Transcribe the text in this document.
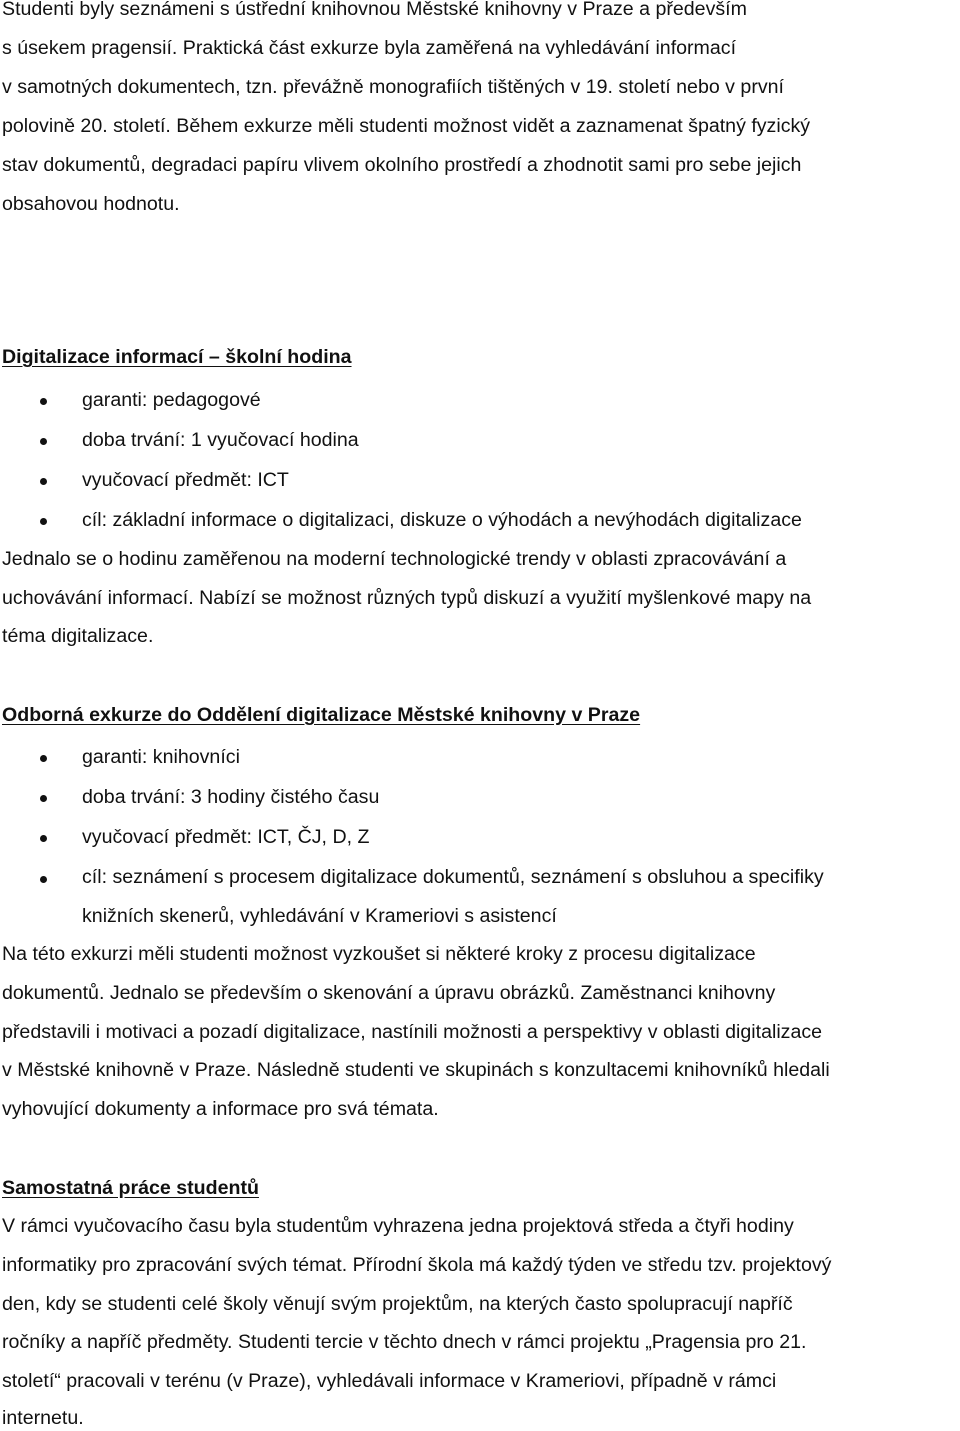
Studenti byly seznámeni s ústřední knihovnou Městské knihovny v Praze a především
s úsekem pragensií. Praktická část exkurze byla zaměřená na vyhledávání informací
v samotných dokumentech, tzn. převážně monografiích tištěných v 19. století nebo v první
polovině 20. století. Během exkurze měli studenti možnost vidět a zaznamenat špatný fyzický
stav dokumentů, degradaci papíru vlivem okolního prostředí a zhodnotit sami pro sebe jejich
obsahovou hodnotu.
Digitalizace informací – školní hodina
garanti: pedagogové
doba trvání: 1 vyučovací hodina
vyučovací předmět: ICT
cíl: základní informace o digitalizaci, diskuze o výhodách a nevýhodách digitalizace
Jednalo se o hodinu zaměřenou na moderní technologické trendy v oblasti zpracovávání a
uchovávání informací. Nabízí se možnost různých typů diskuzí a využití myšlenkové mapy na
téma digitalizace.
Odborná exkurze do Oddělení digitalizace Městské knihovny v Praze
garanti: knihovníci
doba trvání: 3 hodiny čistého času
vyučovací předmět: ICT, ČJ, D, Z
cíl: seznámení s procesem digitalizace dokumentů, seznámení s obsluhou a specifiky
knižních skenerů, vyhledávání v Krameriovi s asistencí
Na této exkurzi měli studenti možnost vyzkoušet si některé kroky z procesu digitalizace
dokumentů. Jednalo se především o skenování a úpravu obrázků. Zaměstnanci knihovny
představili i motivaci a pozadí digitalizace, nastínili možnosti a perspektivy v oblasti digitalizace
v Městské knihovně v Praze. Následně studenti ve skupinách s konzultacemi knihovníků hledali
vyhovující dokumenty a informace pro svá témata.
Samostatná práce studentů
V rámci vyučovacího času byla studentům vyhrazena jedna projektová středa a čtyři hodiny
informatiky pro zpracování svých témat. Přírodní škola má každý týden ve středu tzv. projektový
den, kdy se studenti celé školy věnují svým projektům, na kterých často spolupracují napříč
ročníky a napříč předměty. Studenti tercie v těchto dnech v rámci projektu „Pragensia pro 21.
století“ pracovali v terénu (v Praze), vyhledávali informace v Krameriovi, případně v rámci
internetu.
